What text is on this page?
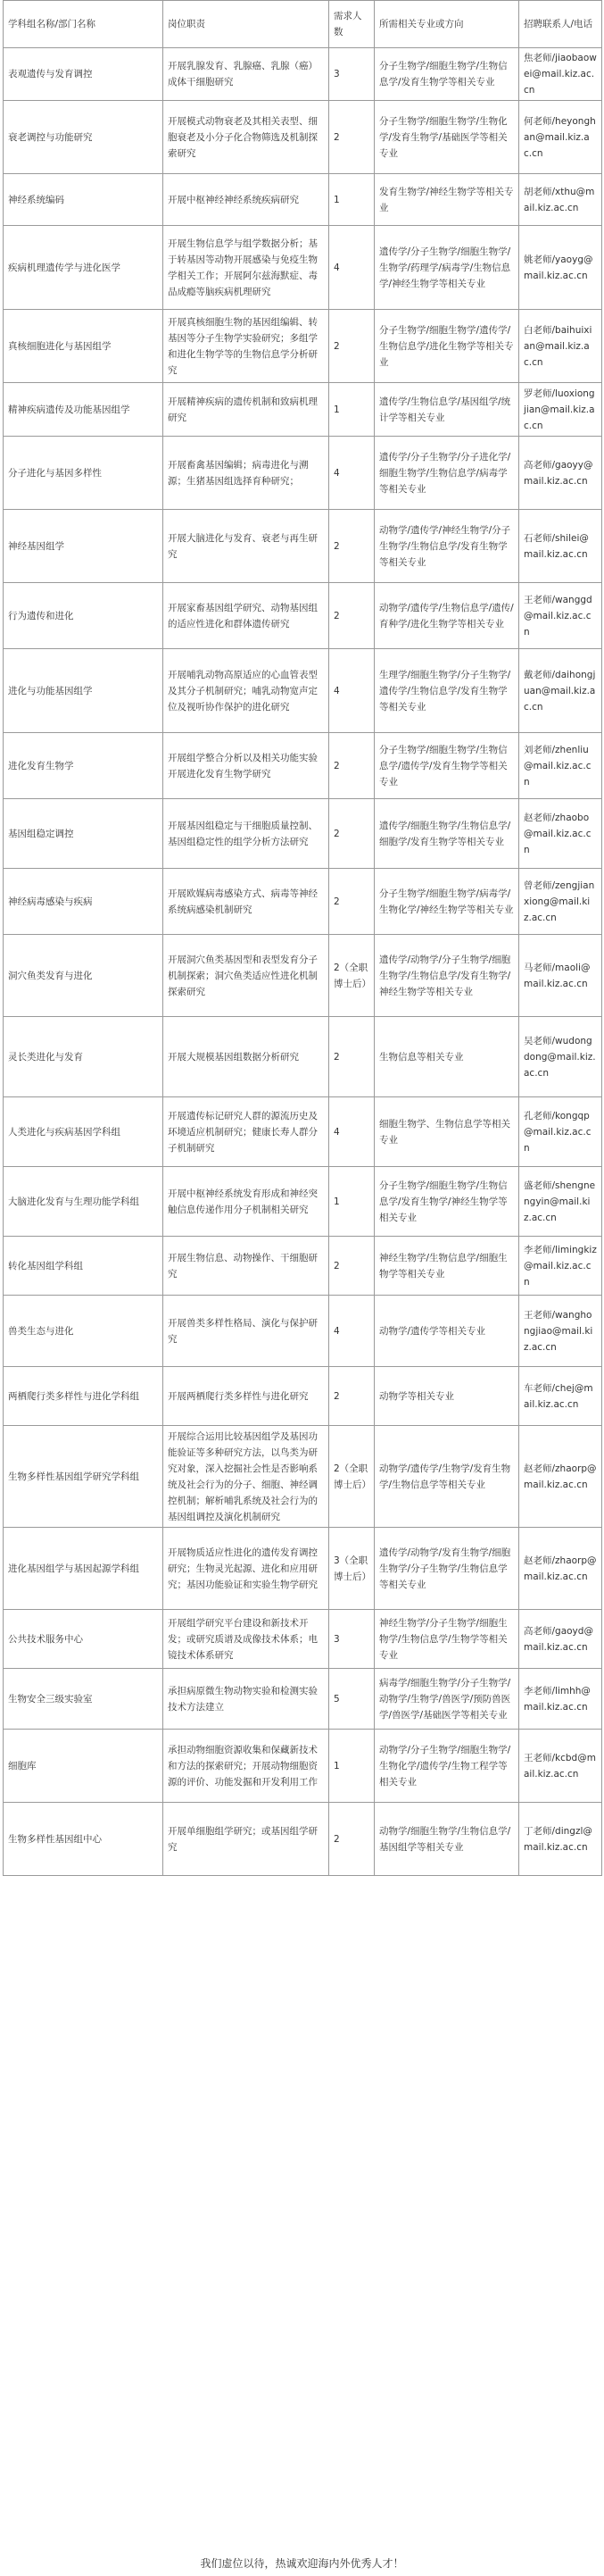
学科组名称/部门名称	岗位职责	需求人数	所需相关专业或方向	招聘联系人/电话
表观遗传与发育调控	开展乳腺发育、乳腺癌、乳腺（癌）成体干细胞研究	3	分子生物学/细胞生物学/生物信息学/发育生物学等相关专业	焦老师/jiaobaowei@mail.kiz.ac.cn
衰老调控与功能研究	开展模式动物衰老及其相关表型、细胞衰老及小分子化合物筛选及机制探索研究	2	分子生物学/细胞生物学/生物化学/发育生物学/基础医学等相关专业	何老师/heyonghan@mail.kiz.ac.cn
神经系统编码	开展中枢神经神经系统疾病研究	1	发育生物学/神经生物学等相关专业	胡老师/xthu@mail.kiz.ac.cn
疾病机理遗传学与进化医学	开展生物信息学与组学数据分析；基于转基因等动物开展感染与免疫生物学相关工作；开展阿尔兹海默症、毒品成瘾等脑疾病机理研究	4	遗传学/分子生物学/细胞生物学/生物学/药理学/病毒学/生物信息学/神经生物学等相关专业	姚老师/yaoyg@mail.kiz.ac.cn
真核细胞进化与基因组学	开展真核细胞生物的基因组编辑、转基因等分子生物学实验研究；多组学和进化生物学等的生物信息学分析研究	2	分子生物学/细胞生物学/遗传学/生物信息学/进化生物学等相关专业	白老师/baihuixian@mail.kiz.ac.cn
精神疾病遗传及功能基因组学	开展精神疾病的遗传机制和致病机理研究	1	遗传学/生物信息学/基因组学/统计学等相关专业	罗老师/luoxiongjian@mail.kiz.ac.cn
分子进化与基因多样性	开展畜禽基因编辑；病毒进化与溯源；生猪基因组选择育种研究；	4	遗传学/分子生物学/分子进化学/细胞生物学/生物信息学/病毒学等相关专业	高老师/gaoyy@mail.kiz.ac.cn
神经基因组学	开展大脑进化与发育、衰老与再生研究	2	动物学/遗传学/神经生物学/分子生物学/生物信息学/发育生物学等相关专业	石老师/shilei@mail.kiz.ac.cn
行为遗传和进化	开展家畜基因组学研究、动物基因组的适应性进化和群体遗传研究	2	动物学/遗传学/生物信息学/遗传/育种学/进化生物学等相关专业	王老师/wanggd@mail.kiz.ac.cn
进化与功能基因组学	开展哺乳动物高原适应的心血管表型及其分子机制研究；哺乳动物宽声定位及视听协作保护的进化研究	4	生理学/细胞生物学/分子生物学/遗传学/生物信息学/发育生物学等相关专业	戴老师/daihongjuan@mail.kiz.ac.cn
进化发育生物学	开展组学整合分析以及相关功能实验开展进化发育生物学研究	2	分子生物学/细胞生物学/生物信息学/遗传学/发育生物学等相关专业	刘老师/zhenliu@mail.kiz.ac.cn
基因组稳定调控	开展基因组稳定与干细胞质量控制、基因组稳定性的组学分析方法研究	2	遗传学/细胞生物学/生物信息学/细胞学/发育生物学等相关专业	赵老师/zhaobo@mail.kiz.ac.cn
神经病毒感染与疾病	开展欧媒病毒感染方式、病毒等神经系统病感染机制研究	2	分子生物学/细胞生物学/病毒学/生物化学/神经生物学等相关专业	曾老师/zengjianxiong@mail.kiz.ac.cn
洞穴鱼类发育与进化	开展洞穴鱼类基因型和表型发育分子机制探索；洞穴鱼类适应性进化机制探索研究	2（全职博士后）	遗传学/动物学/分子生物学/细胞生物学/生物信息学/发育生物学/神经生物学等相关专业	马老师/maoli@mail.kiz.ac.cn
灵长类进化与发育	开展大规模基因组数据分析研究	2	生物信息等相关专业	吴老师/wudongdong@mail.kiz.ac.cn
人类进化与疾病基因学科组	开展遗传标记研究人群的源流历史及环境适应机制研究；健康长寿人群分子机制研究	4	细胞生物学、生物信息学等相关专业	孔老师/kongqp@mail.kiz.ac.cn
大脑进化发育与生理功能学科组	开展中枢神经系统发育形成和神经突触信息传递作用分子机制相关研究	1	分子生物学/细胞生物学/生物信息学/发育生物学/神经生物学等相关专业	盛老师/shengnengyin@mail.kiz.ac.cn
转化基因组学科组	开展生物信息、动物操作、干细胞研究	2	神经生物学/生物信息学/细胞生物学等相关专业	李老师/limingkiz@mail.kiz.ac.cn
兽类生态与进化	开展兽类多样性格局、演化与保护研究	4	动物学/遗传学等相关专业	王老师/wanghongjiao@mail.kiz.ac.cn
两栖爬行类多样性与进化学科组	开展两栖爬行类多样性与进化研究	2	动物学等相关专业	车老师/chej@mail.kiz.ac.cn
生物多样性基因组学研究学科组	开展综合运用比较基因组学及基因功能验证等多种研究方法，以鸟类为研究对象，深入挖掘社会性是否影响系统及社会行为的分子、细胞、神经调控机制；解析哺乳系统及社会行为的基因组调控及演化机制研究	2（全职博士后）	动物学/遗传学/生物学/发育生物学/生物信息学等相关专业	赵老师/zhaorp@mail.kiz.ac.cn
进化基因组学与基因起源学科组	开展物质适应性进化的遗传发育调控研究；生物灵光起源、进化和应用研究；基因功能验证和实验生物学研究	3（全职博士后）	遗传学/动物学/发育生物学/细胞生物学/分子生物学/生物信息学等相关专业	赵老师/zhaorp@mail.kiz.ac.cn
公共技术服务中心	开展组学研究平台建设和新技术开发；或研究质谱及成像技术体系；电镜技术体系研究	3	神经生物学/分子生物学/细胞生物学/生物信息学/生物学等相关专业	高老师/gaoyd@mail.kiz.ac.cn
生物安全三级实验室	承担病原微生物动物实验和检测实验技术方法建立	5	病毒学/细胞生物学/分子生物学/动物学/生物学/兽医学/预防兽医学/兽医学/基础医学等相关专业	李老师/limhh@mail.kiz.ac.cn
细胞库	承担动物细胞资源收集和保藏新技术和方法的探索研究；开展动物细胞资源的评价、功能发掘和开发利用工作	1	动物学/分子生物学/细胞生物学/生物化学/遗传学/生物工程学等相关专业	王老师/kcbd@mail.kiz.ac.cn
生物多样性基因组中心	开展单细胞组学研究；或基因组学研究	2	动物学/细胞生物学/生物信息学/基因组学等相关专业	丁老师/dingzl@mail.kiz.ac.cn
我们虚位以待，热诚欢迎海内外优秀人才！
